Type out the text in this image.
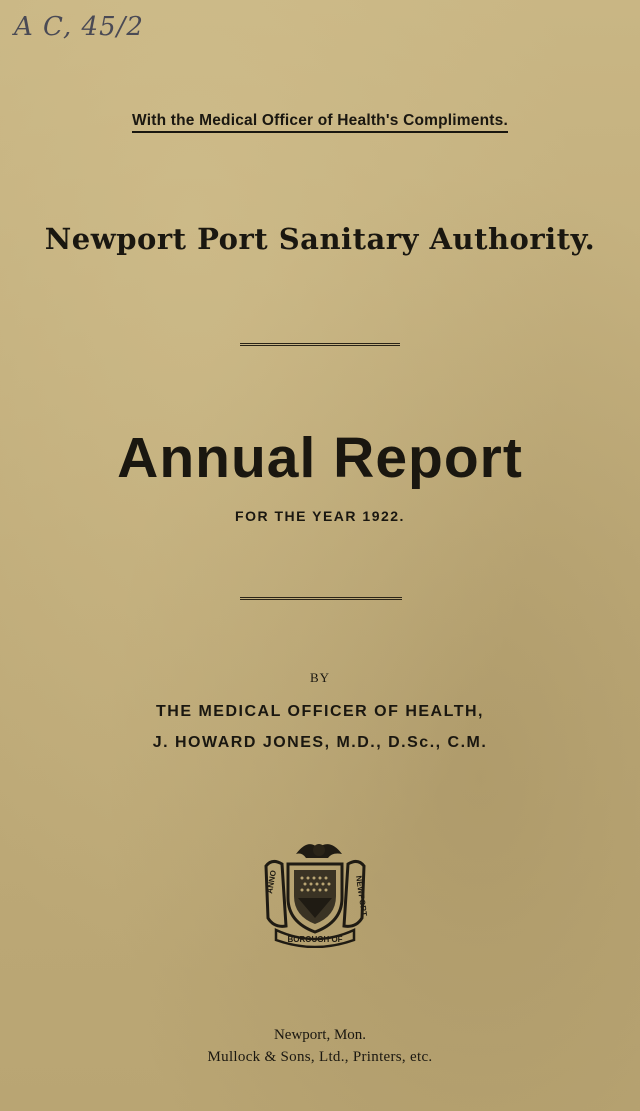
A C, 45/2
With the Medical Officer of Health's Compliments.
Newport Port Sanitary Authority.
Annual Report
FOR THE YEAR 1922.
BY
THE MEDICAL OFFICER OF HEALTH,
J. HOWARD JONES, M.D., D.Sc., C.M.
ANNO	NEWPORT
BOROUGH OF
Newport, Mon.
Mullock & Sons, Ltd., Printers, etc.
